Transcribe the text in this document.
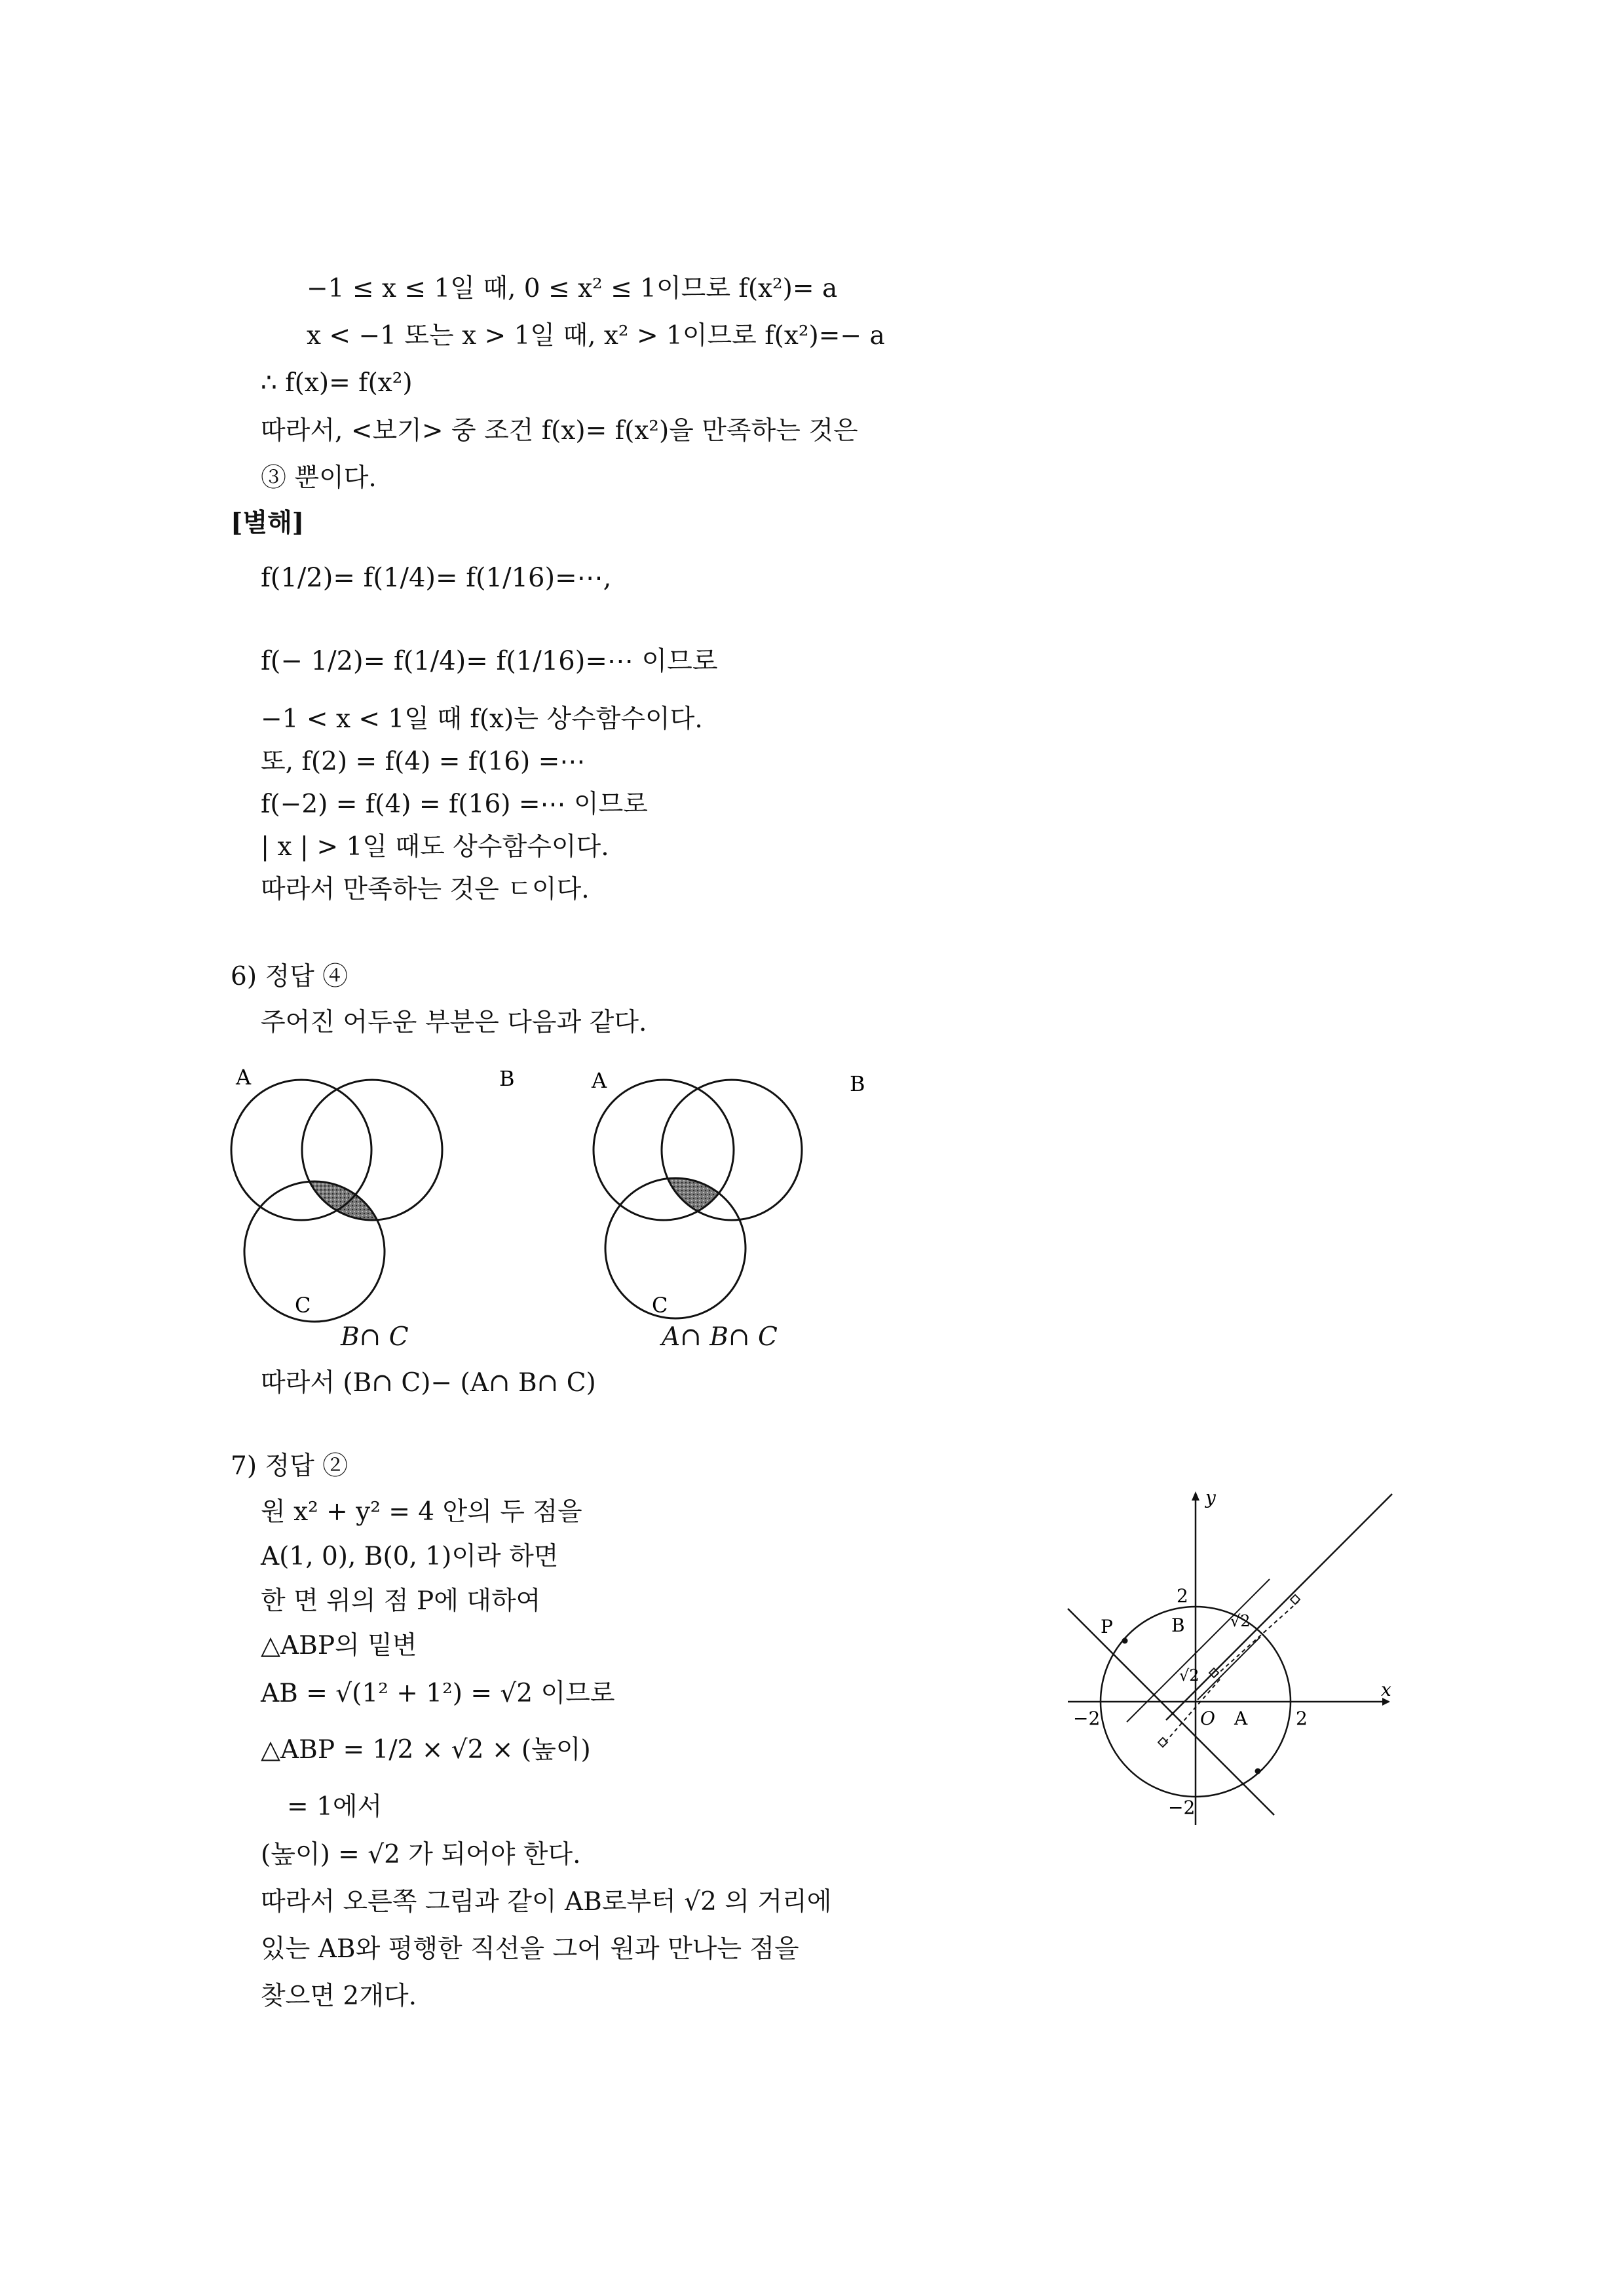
−1 ≤ x ≤ 1일 때, 0 ≤ x² ≤ 1이므로 f(x²)= a
x < −1 또는 x > 1일 때, x² > 1이므로 f(x²)=− a
∴ f(x)= f(x²)
따라서, <보기> 중 조건 f(x)= f(x²)을 만족하는 것은
③ 뿐이다.
[별해]
f(1/2)= f(1/4)= f(1/16)=⋯,
f(− 1/2)= f(1/4)= f(1/16)=⋯ 이므로
−1 < x < 1일 때 f(x)는 상수함수이다.
또, f(2) = f(4) = f(16) =⋯
f(−2) = f(4) = f(16) =⋯ 이므로
| x | > 1일 때도 상수함수이다.
따라서 만족하는 것은 ㄷ이다.
6) 정답 ④
주어진 어두운 부분은 다음과 같다.
A	B
C
B∩ C
A	B
C
A∩ B∩ C
따라서 (B∩ C)− (A∩ B∩ C)
7) 정답 ②
원 x² + y² = 4 안의 두 점을
A(1, 0), B(0, 1)이라 하면
한 면 위의 점 P에 대하여
△ABP의 밑변
AB = √(1² + 1²) = √2 이므로
△ABP = 1/2 × √2 × (높이)
= 1에서
(높이) = √2 가 되어야 한다.
따라서 오른쪽 그림과 같이 AB로부터 √2 의 거리에
있는 AB와 평행한 직선을 그어 원과 만나는 점을
찾으면 2개다.
y
x
2
−2
2
−2	O A
B
P
√2
√2
